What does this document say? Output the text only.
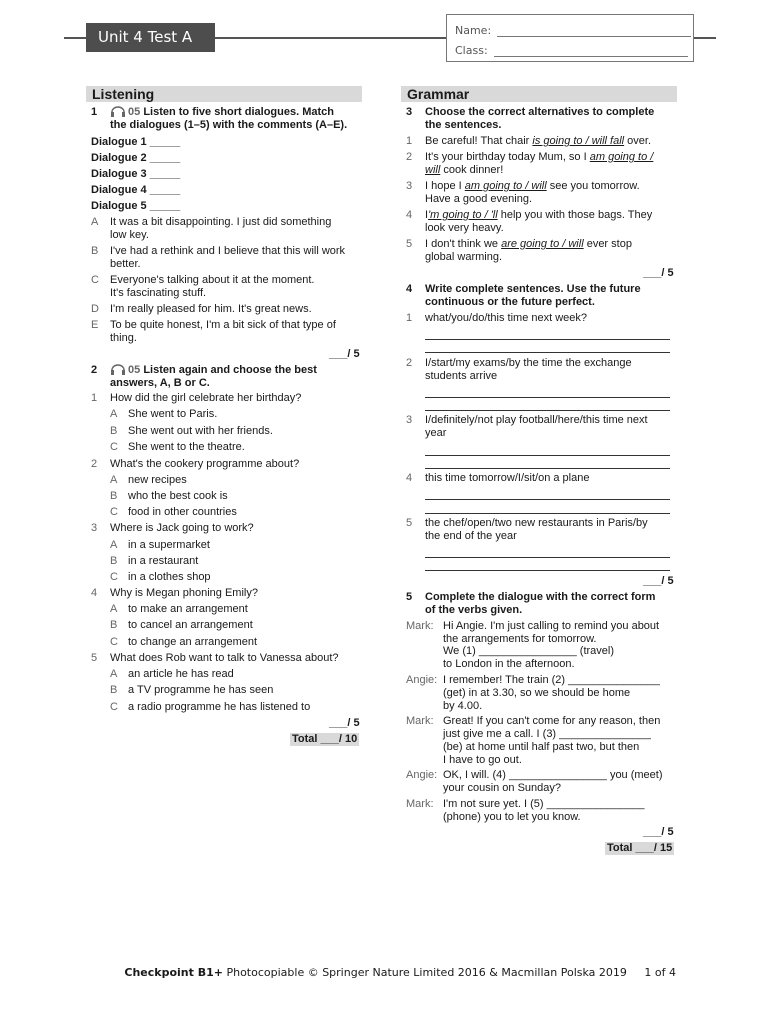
Unit 4 Test A	Name:
Class:
Listening
1	05 Listen to five short dialogues. Match
the dialogues (1–5) with the comments (A–E).
Dialogue 1 _____
Dialogue 2 _____
Dialogue 3 _____
Dialogue 4 _____
Dialogue 5 _____
A It was a bit disappointing. I just did something
low key.
B I've had a rethink and I believe that this will work
better.
C Everyone's talking about it at the moment.
It's fascinating stuff.
D I'm really pleased for him. It's great news.
E To be quite honest, I'm a bit sick of that type of
thing.
___/ 5
2	05 Listen again and choose the best
answers, A, B or C.
1 How did the girl celebrate her birthday?
A She went to Paris.
B She went out with her friends.
C She went to the theatre.
2 What's the cookery programme about?
A new recipes
B who the best cook is
C food in other countries
3 Where is Jack going to work?
A in a supermarket
B in a restaurant
C in a clothes shop
4 Why is Megan phoning Emily?
A to make an arrangement
B to cancel an arrangement
C to change an arrangement
5 What does Rob want to talk to Vanessa about?
A an article he has read
B a TV programme he has seen
C a radio programme he has listened to
___/ 5
Total ___/ 10
Grammar
3 Choose the correct alternatives to complete
the sentences.
1 Be careful! That chair is going to / will fall over.
2 It's your birthday today Mum, so I am going to /
will cook dinner!
3 I hope I am going to / will see you tomorrow.
Have a good evening.
4 I'm going to / 'll help you with those bags. They
look very heavy.
5 I don't think we are going to / will ever stop
global warming.
___/ 5
4 Write complete sentences. Use the future
continuous or the future perfect.
1 what/you/do/this time next week?
2 I/start/my exams/by the time the exchange
students arrive
3 I/definitely/not play football/here/this time next
year
4 this time tomorrow/I/sit/on a plane
5 the chef/open/two new restaurants in Paris/by
the end of the year
___/ 5
5 Complete the dialogue with the correct form
of the verbs given.
Mark: Hi Angie. I'm just calling to remind you about
the arrangements for tomorrow.
We (1) ________________ (travel)
to London in the afternoon.
Angie: I remember! The train (2) _______________
(get) in at 3.30, so we should be home
by 4.00.
Mark: Great! If you can't come for any reason, then
just give me a call. I (3) _______________
(be) at home until half past two, but then
I have to go out.
Angie: OK, I will. (4) ________________ you (meet)
your cousin on Sunday?
Mark: I'm not sure yet. I (5) ________________
(phone) you to let you know.
___/ 5
Total ___/ 15
Checkpoint B1+ Photocopiable © Springer Nature Limited 2016 & Macmillan Polska 2019 1 of 4
